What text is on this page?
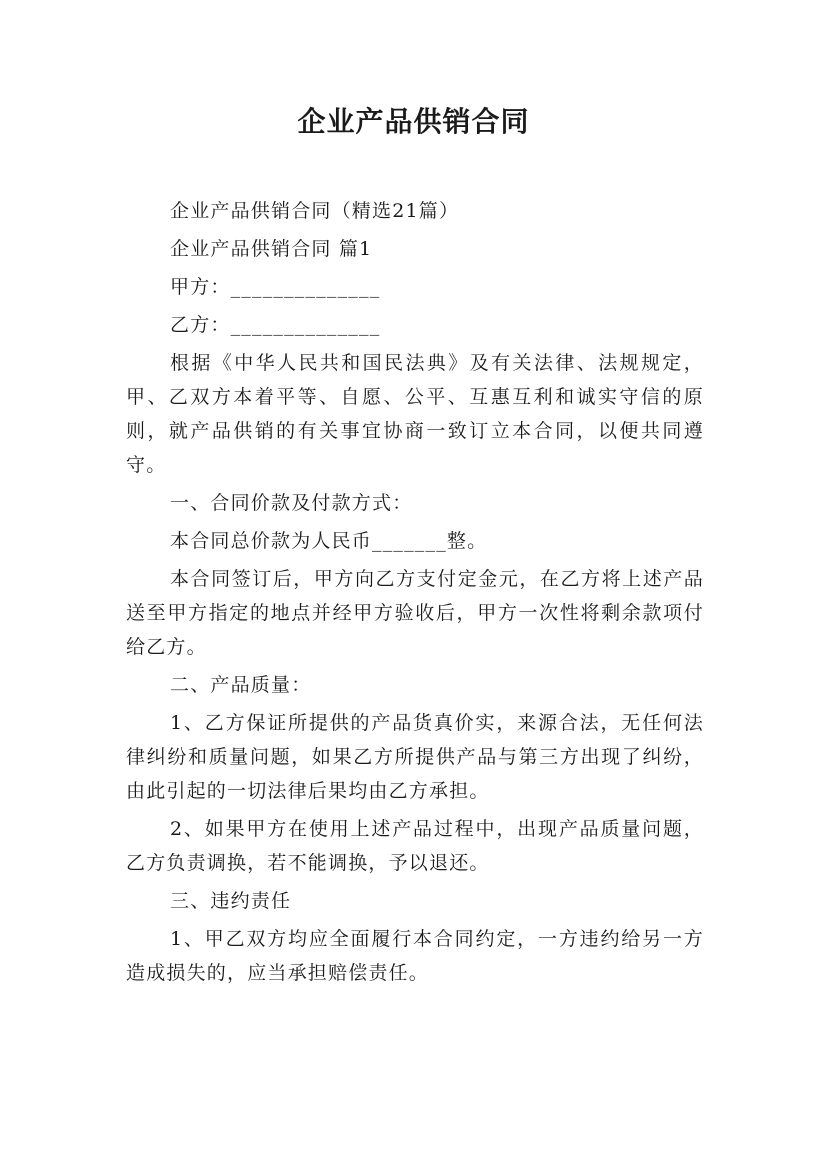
企业产品供销合同

企业产品供销合同（精选21篇）

企业产品供销合同 篇1

甲方：______________

乙方：______________

根据《中华人民共和国民法典》及有关法律、法规规定，甲、乙双方本着平等、自愿、公平、互惠互利和诚实守信的原则，就产品供销的有关事宜协商一致订立本合同，以便共同遵守。

一、合同价款及付款方式：

本合同总价款为人民币_______整。

本合同签订后，甲方向乙方支付定金元，在乙方将上述产品送至甲方指定的地点并经甲方验收后，甲方一次性将剩余款项付给乙方。

二、产品质量：

1、乙方保证所提供的产品货真价实，来源合法，无任何法律纠纷和质量问题，如果乙方所提供产品与第三方出现了纠纷，由此引起的一切法律后果均由乙方承担。

2、如果甲方在使用上述产品过程中，出现产品质量问题，乙方负责调换，若不能调换，予以退还。

三、违约责任

1、甲乙双方均应全面履行本合同约定，一方违约给另一方造成损失的，应当承担赔偿责任。
